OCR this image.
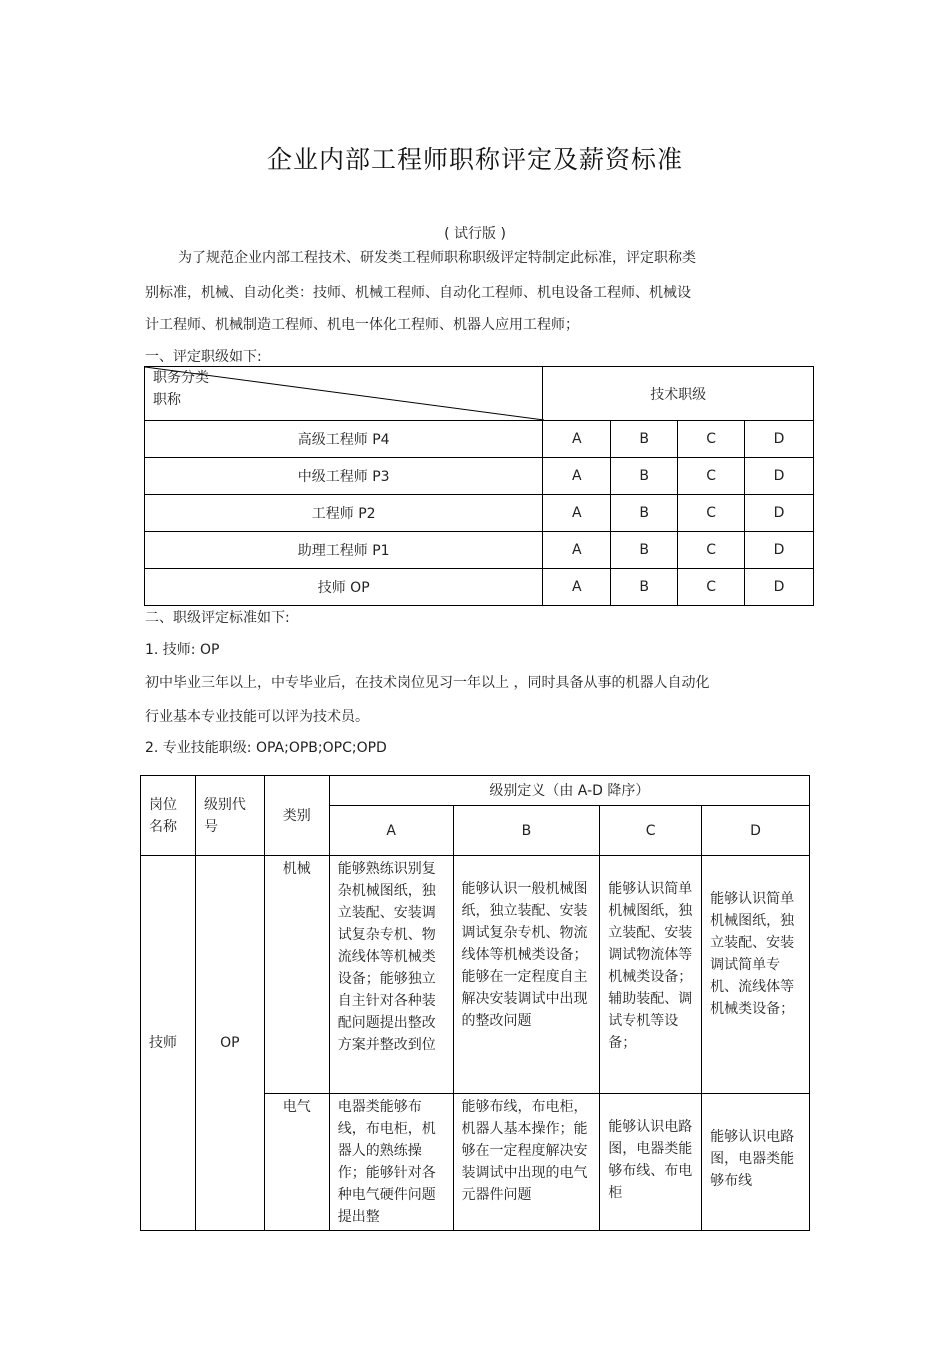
企业内部工程师职称评定及薪资标准
( 试行版 )
为了规范企业内部工程技术、研发类工程师职称职级评定特制定此标准，评定职称类
别标准，机械、自动化类：技师、机械工程师、自动化工程师、机电设备工程师、机械设
计工程师、机械制造工程师、机电一体化工程师、机器人应用工程师；
一、评定职级如下:
职务分类
职称	技术职级			
高级工程师 P4	A	B	C	D
中级工程师 P3	A	B	C	D
工程师 P2	A	B	C	D
助理工程师 P1	A	B	C	D
技师 OP	A	B	C	D
二、职级评定标准如下:
1. 技师: OP
初中毕业三年以上，中专毕业后，在技术岗位见习一年以上 ，同时具备从事的机器人自动化
行业基本专业技能可以评为技术员。
2. 专业技能职级: OPA;OPB;OPC;OPD
岗位名称	级别代号	类别	级别定义（由 A-D 降序）			
			A	B	C	D
技师	OP	机械	能够熟练识别复杂机械图纸，独立装配、安装调试复杂专机、物流线体等机械类设备；能够独立自主针对各种装配问题提出整改方案并整改到位	能够认识一般机械图纸，独立装配、安装调试复杂专机、物流线体等机械类设备；能够在一定程度自主解决安装调试中出现的整改问题	能够认识简单机械图纸，独立装配、安装调试物流体等机械类设备；辅助装配、调试专机等设备；	能够认识简单机械图纸，独立装配、安装调试简单专机、流线体等机械类设备；
		电气	电器类能够布线，布电柜，机器人的熟练操作；能够针对各种电气硬件问题提出整	能够布线，布电柜，机器人基本操作；能够在一定程度解决安装调试中出现的电气元器件问题	能够认识电路图，电器类能够布线、布电柜	能够认识电路图，电器类能够布线
